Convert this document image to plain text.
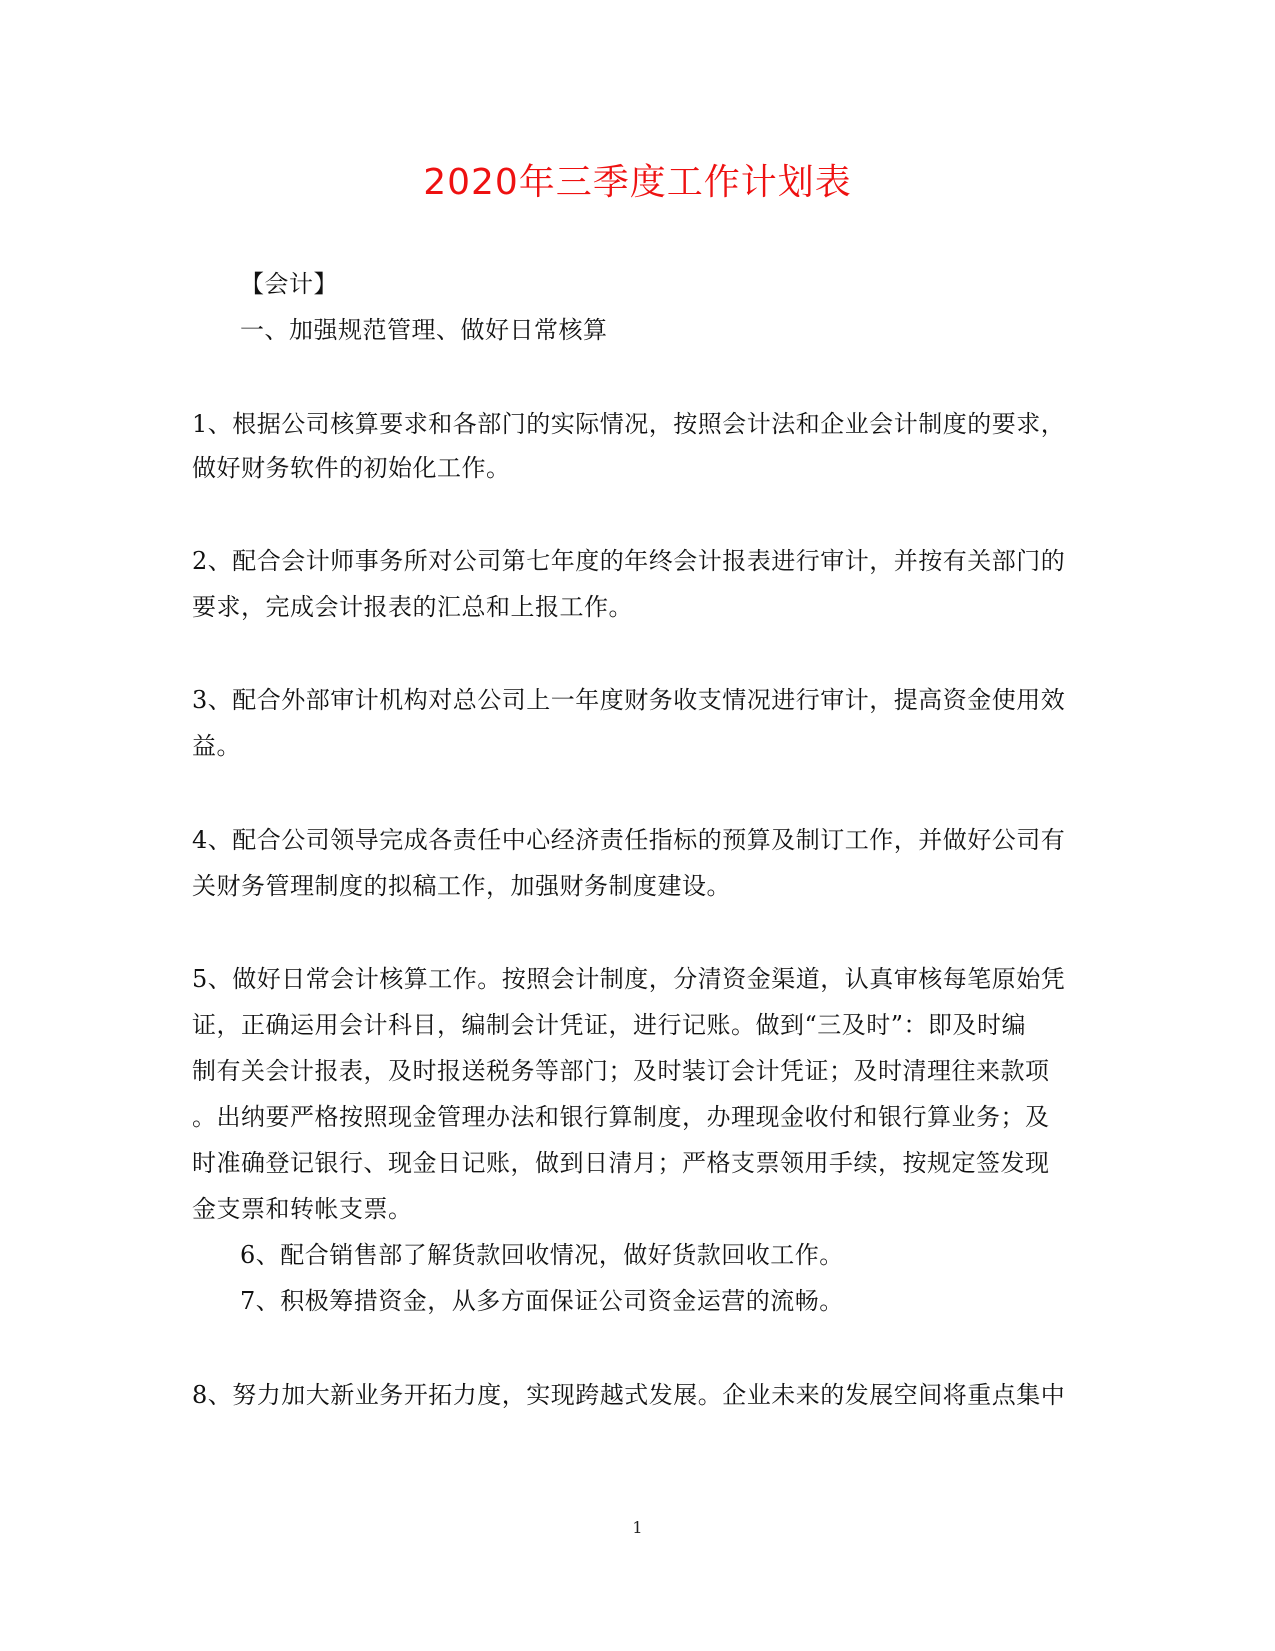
2020年三季度工作计划表
【会计】
一、加强规范管理、做好日常核算
1、根据公司核算要求和各部门的实际情况，按照会计法和企业会计制度的要求，
做好财务软件的初始化工作。
2、配合会计师事务所对公司第七年度的年终会计报表进行审计，并按有关部门的
要求，完成会计报表的汇总和上报工作。
3、配合外部审计机构对总公司上一年度财务收支情况进行审计，提高资金使用效
益。
4、配合公司领导完成各责任中心经济责任指标的预算及制订工作，并做好公司有
关财务管理制度的拟稿工作，加强财务制度建设。
5、做好日常会计核算工作。按照会计制度，分清资金渠道，认真审核每笔原始凭
证，正确运用会计科目，编制会计凭证，进行记账。做到“三及时”：即及时编
制有关会计报表，及时报送税务等部门；及时装订会计凭证；及时清理往来款项
。出纳要严格按照现金管理办法和银行算制度，办理现金收付和银行算业务；及
时准确登记银行、现金日记账，做到日清月；严格支票领用手续，按规定签发现
金支票和转帐支票。
6、配合销售部了解货款回收情况，做好货款回收工作。
7、积极筹措资金，从多方面保证公司资金运营的流畅。
8、努力加大新业务开拓力度，实现跨越式发展。企业未来的发展空间将重点集中
1
